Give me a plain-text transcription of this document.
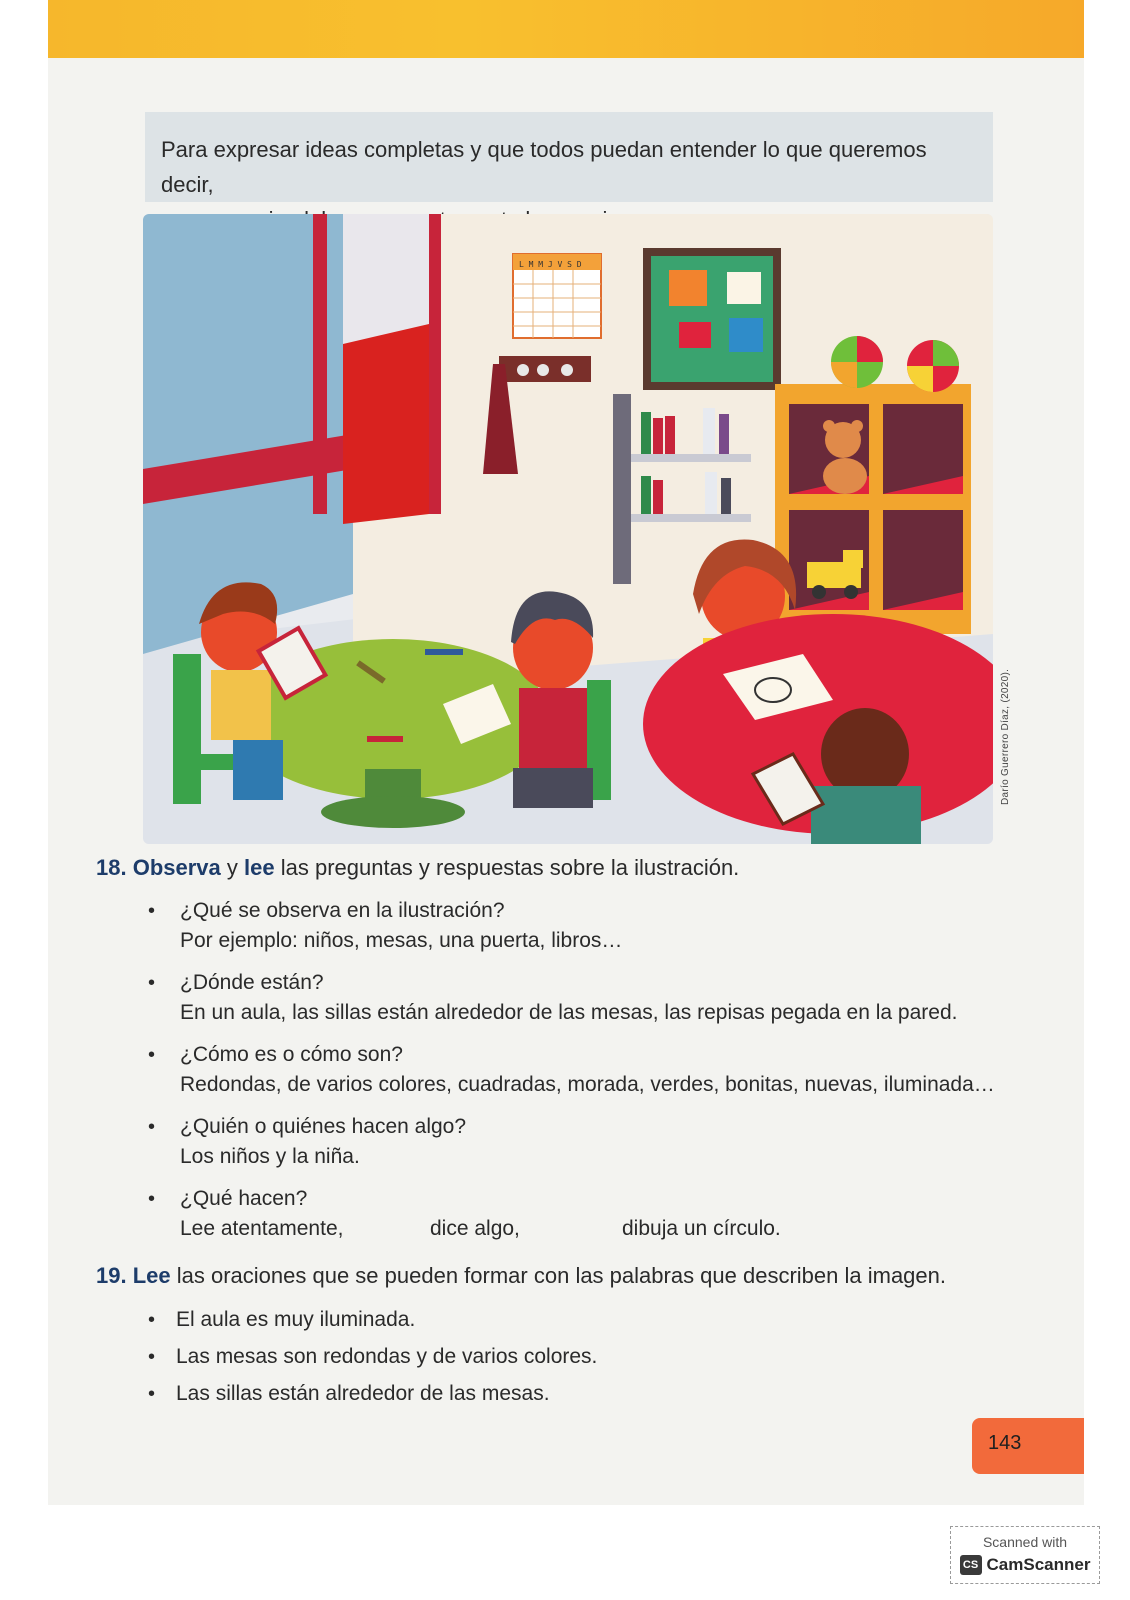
Para expresar ideas completas y que todos puedan entender lo que queremos decir,
L M M J V S D
Darío Guerrero Díaz, (2020).
18. Observa y lee las preguntas y respuestas sobre la ilustración.
• ¿Qué se observa en la ilustración?
Por ejemplo: niños, mesas, una puerta, libros…
• ¿Dónde están?
En un aula, las sillas están alrededor de las mesas, las repisas pegada en la pared.
• ¿Cómo es o cómo son?
Redondas, de varios colores, cuadradas, morada, verdes, bonitas, nuevas, iluminada…
• ¿Quién o quiénes hacen algo?
Los niños y la niña.
• ¿Qué hacen?
Lee atentamente,	dice algo,	dibuja un círculo.
19. Lee las oraciones que se pueden formar con las palabras que describen la imagen.
• El aula es muy iluminada.
• Las mesas son redondas y de varios colores.
• Las sillas están alrededor de las mesas.
143
Scanned with
CS CamScanner
